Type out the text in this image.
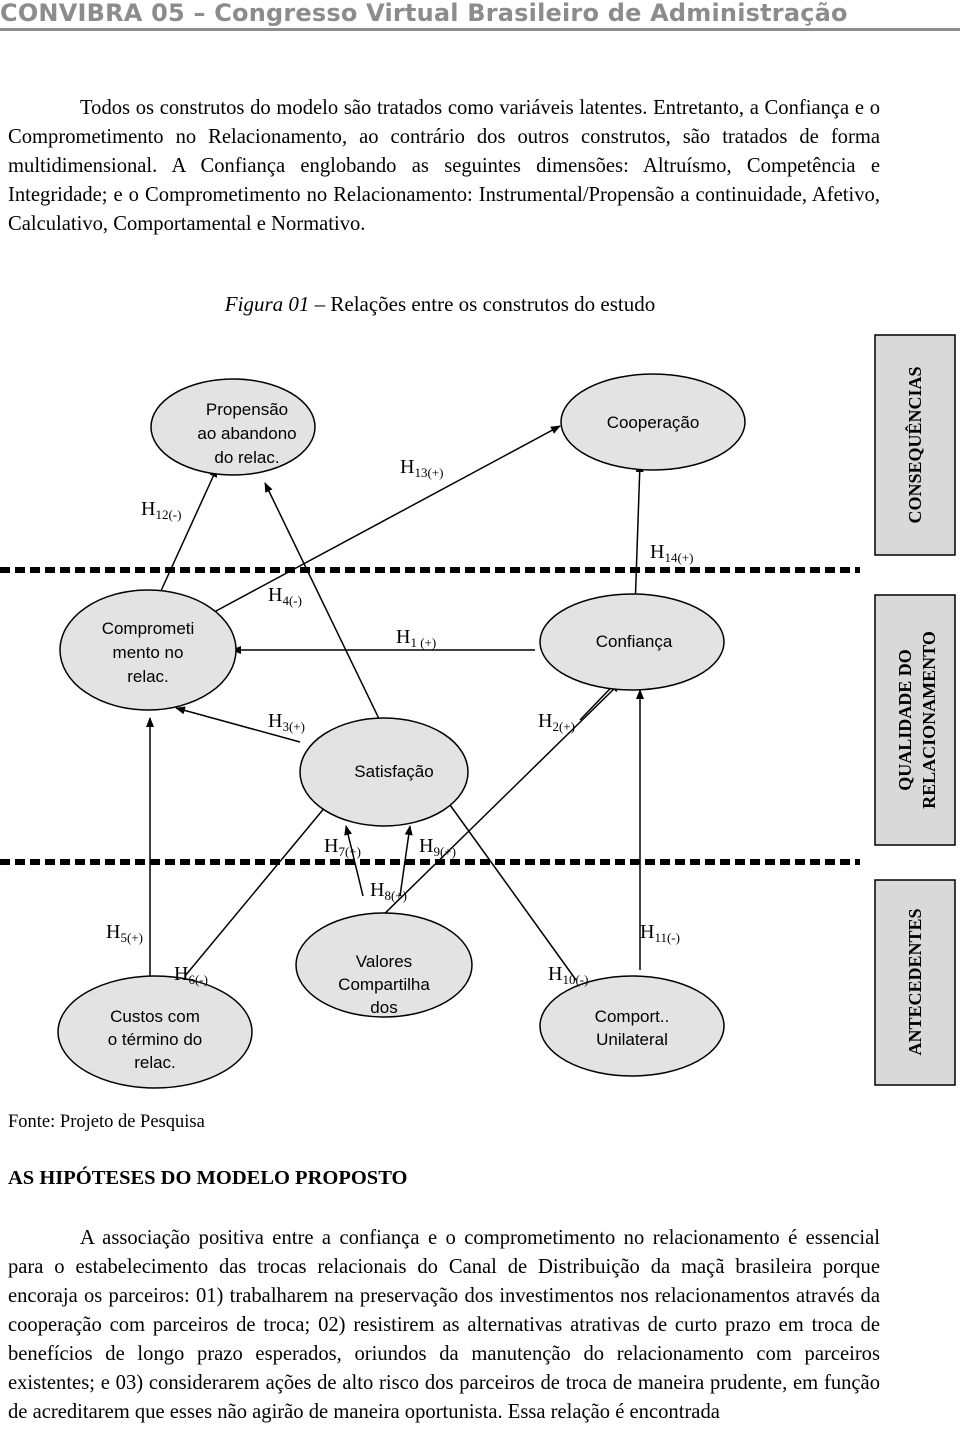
CONVIBRA 05 – Congresso Virtual Brasileiro de Administração
Todos os construtos do modelo são tratados como variáveis latentes. Entretanto, a Confiança e o Comprometimento no Relacionamento, ao contrário dos outros construtos, são tratados de forma multidimensional. A Confiança englobando as seguintes dimensões: Altruísmo, Competência e Integridade; e o Comprometimento no Relacionamento: Instrumental/Propensão a continuidade, Afetivo, Calculativo, Comportamental e Normativo.
Figura 01 – Relações entre os construtos do estudo
CONSEQUÊNCIAS
QUALIDADE DO RELACIONAMENTO
ANTECEDENTES
Propensão
ao abandono
do relac.
Cooperação
Comprometi
mento no
relac.
Confiança
Satisfação
Custos com
o término do
relac.
Valores
Compartilha
dos	Comport..
Unilateral
$H_{12(-)}$
$H_{13(+)}$
$H_{14(+)}$
$H_{4(-)}$
$H_{1 (+)}$
$H_{3(+)}$	$H_{2(+)}$
$H_{7(+)}$	$H_{9(+)}$
$H_{8(+)}$
$H_{5(+)}$	$H_{11(-)}$
$H_{6(-)}$	$H_{10(-)}$
Fonte: Projeto de Pesquisa
AS HIPÓTESES DO MODELO PROPOSTO
A associação positiva entre a confiança e o comprometimento no relacionamento é essencial para o estabelecimento das trocas relacionais do Canal de Distribuição da maçã brasileira porque encoraja os parceiros: 01) trabalharem na preservação dos investimentos nos relacionamentos através da cooperação com parceiros de troca; 02) resistirem as alternativas atrativas de curto prazo em troca de benefícios de longo prazo esperados, oriundos da manutenção do relacionamento com parceiros existentes; e 03) considerarem ações de alto risco dos parceiros de troca de maneira prudente, em função de acreditarem que esses não agirão de maneira oportunista. Essa relação é encontrada
